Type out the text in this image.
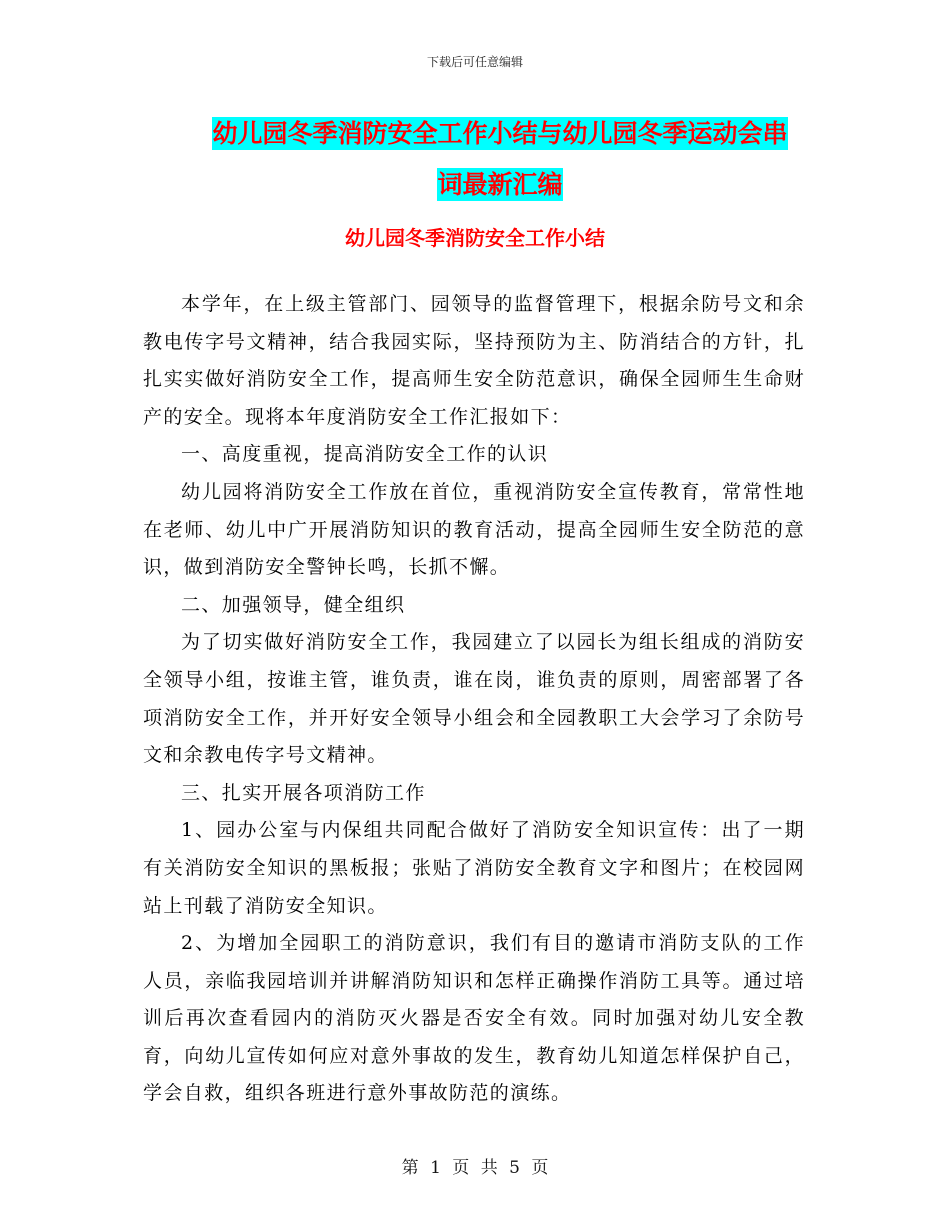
下载后可任意编辑
幼儿园冬季消防安全工作小结与幼儿园冬季运动会串
词最新汇编
幼儿园冬季消防安全工作小结

本学年，在上级主管部门、园领导的监督管理下，根据余防号文和余教电传字号文精神，结合我园实际，坚持预防为主、防消结合的方针，扎扎实实做好消防安全工作，提高师生安全防范意识，确保全园师生生命财产的安全。现将本年度消防安全工作汇报如下：

一、高度重视，提高消防安全工作的认识

幼儿园将消防安全工作放在首位，重视消防安全宣传教育，常常性地在老师、幼儿中广开展消防知识的教育活动，提高全园师生安全防范的意识，做到消防安全警钟长鸣，长抓不懈。

二、加强领导，健全组织

为了切实做好消防安全工作，我园建立了以园长为组长组成的消防安全领导小组，按谁主管，谁负责，谁在岗，谁负责的原则，周密部署了各项消防安全工作，并开好安全领导小组会和全园教职工大会学习了余防号文和余教电传字号文精神。

三、扎实开展各项消防工作

1、园办公室与内保组共同配合做好了消防安全知识宣传：出了一期有关消防安全知识的黑板报；张贴了消防安全教育文字和图片；在校园网站上刊载了消防安全知识。

2、为增加全园职工的消防意识，我们有目的邀请市消防支队的工作人员，亲临我园培训并讲解消防知识和怎样正确操作消防工具等。通过培训后再次查看园内的消防灭火器是否安全有效。同时加强对幼儿安全教育，向幼儿宣传如何应对意外事故的发生，教育幼儿知道怎样保护自己，学会自救，组织各班进行意外事故防范的演练。

第 1 页 共 5 页
